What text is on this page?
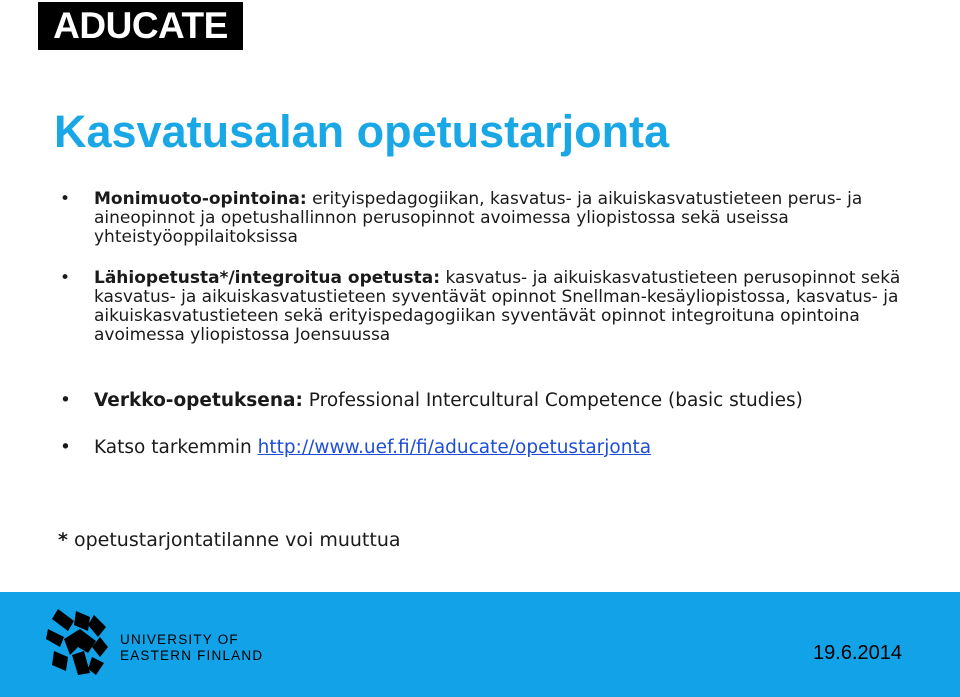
ADUCATE
Kasvatusalan opetustarjonta
• Monimuoto-opintoina: erityispedagogiikan, kasvatus- ja aikuiskasvatustieteen perus- ja aineopinnot ja opetushallinnon perusopinnot avoimessa yliopistossa sekä useissa yhteistyöoppilaitoksissa
• Lähiopetusta*/integroitua opetusta: kasvatus- ja aikuiskasvatustieteen perusopinnot sekä kasvatus- ja aikuiskasvatustieteen syventävät opinnot Snellman-kesäyliopistossa, kasvatus- ja aikuiskasvatustieteen sekä erityispedagogiikan syventävät opinnot integroituna opintoina avoimessa yliopistossa Joensuussa
• Verkko-opetuksena: Professional Intercultural Competence (basic studies)
• Katso tarkemmin http://www.uef.fi/fi/aducate/opetustarjonta
* opetustarjontatilanne voi muuttua
UNIVERSITY OF
EASTERN FINLAND	19.6.2014
